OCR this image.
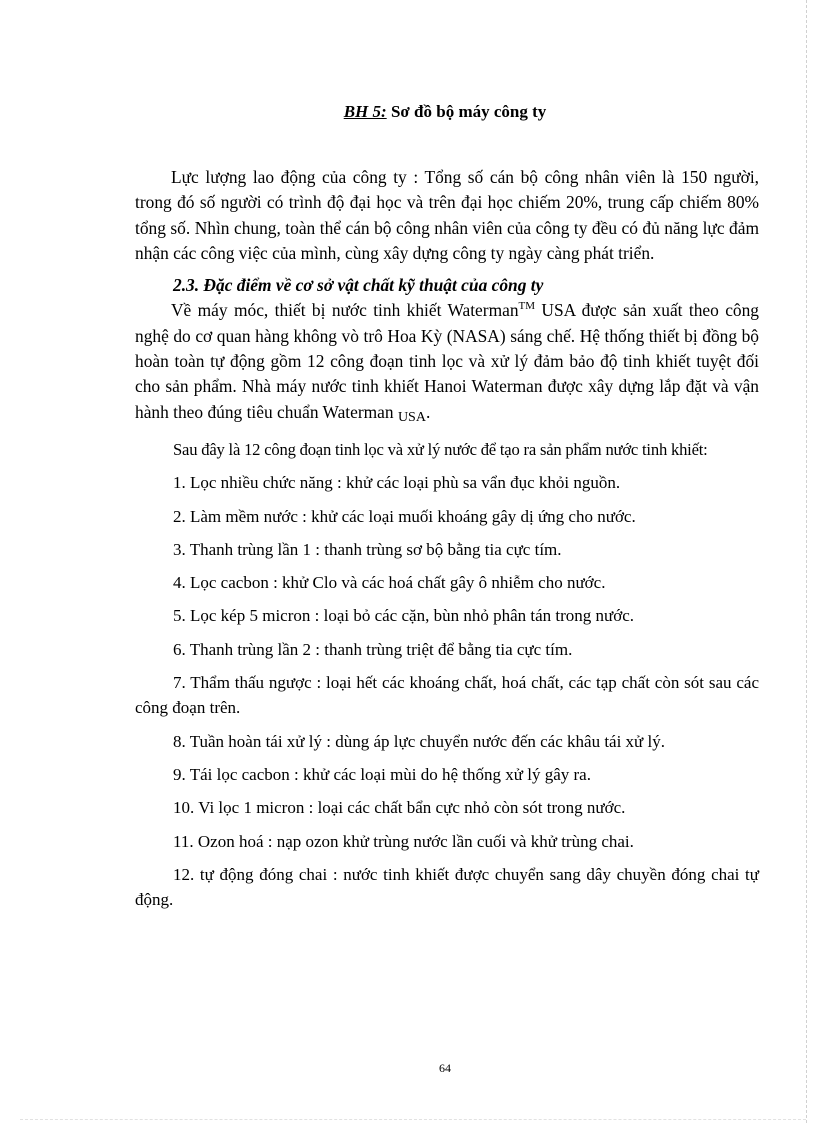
BH 5: Sơ đồ bộ máy công ty

Lực lượng lao động của công ty : Tổng số cán bộ công nhân viên là 150 người, trong đó số người có trình độ đại học và trên đại học chiếm 20%, trung cấp chiếm 80% tổng số. Nhìn chung, toàn thể cán bộ công nhân viên của công ty đều có đủ năng lực đảm nhận các công việc của mình, cùng xây dựng công ty ngày càng phát triển.

2.3. Đặc điểm về cơ sở vật chất kỹ thuật của công ty

Về máy móc, thiết bị nước tinh khiết Waterman™ USA được sản xuất theo công nghệ do cơ quan hàng không vò trô Hoa Kỳ (NASA) sáng chế. Hệ thống thiết bị đồng bộ hoàn toàn tự động gồm 12 công đoạn tinh lọc và xử lý đảm bảo độ tinh khiết tuyệt đối cho sản phẩm. Nhà máy nước tinh khiết Hanoi Waterman được xây dựng lắp đặt và vận hành theo đúng tiêu chuẩn Waterman USA.

Sau đây là 12 công đoạn tinh lọc và xử lý nước để tạo ra sản phẩm nước tinh khiết:

1. Lọc nhiều chức năng : khử các loại phù sa vẩn đục khỏi nguồn.

2. Làm mềm nước : khử các loại muối khoáng gây dị ứng cho nước.

3. Thanh trùng lần 1 : thanh trùng sơ bộ bằng tia cực tím.

4. Lọc cacbon : khử Clo và các hoá chất gây ô nhiễm cho nước.

5. Lọc kép 5 micron : loại bỏ các cặn, bùn nhỏ phân tán trong nước.

6. Thanh trùng lần 2 : thanh trùng triệt để bằng tia cực tím.

7. Thẩm thấu ngược : loại hết các khoáng chất, hoá chất, các tạp chất còn sót sau các công đoạn trên.

8. Tuần hoàn tái xử lý : dùng áp lực chuyển nước đến các khâu tái xử lý.

9. Tái lọc cacbon : khử các loại mùi do hệ thống xử lý gây ra.

10. Vi lọc 1 micron : loại các chất bẩn cực nhỏ còn sót trong nước.

11. Ozon hoá : nạp ozon khử trùng nước lần cuối và khử trùng chai.

12. tự động đóng chai : nước tinh khiết được chuyển sang dây chuyền đóng chai tự động.

64
